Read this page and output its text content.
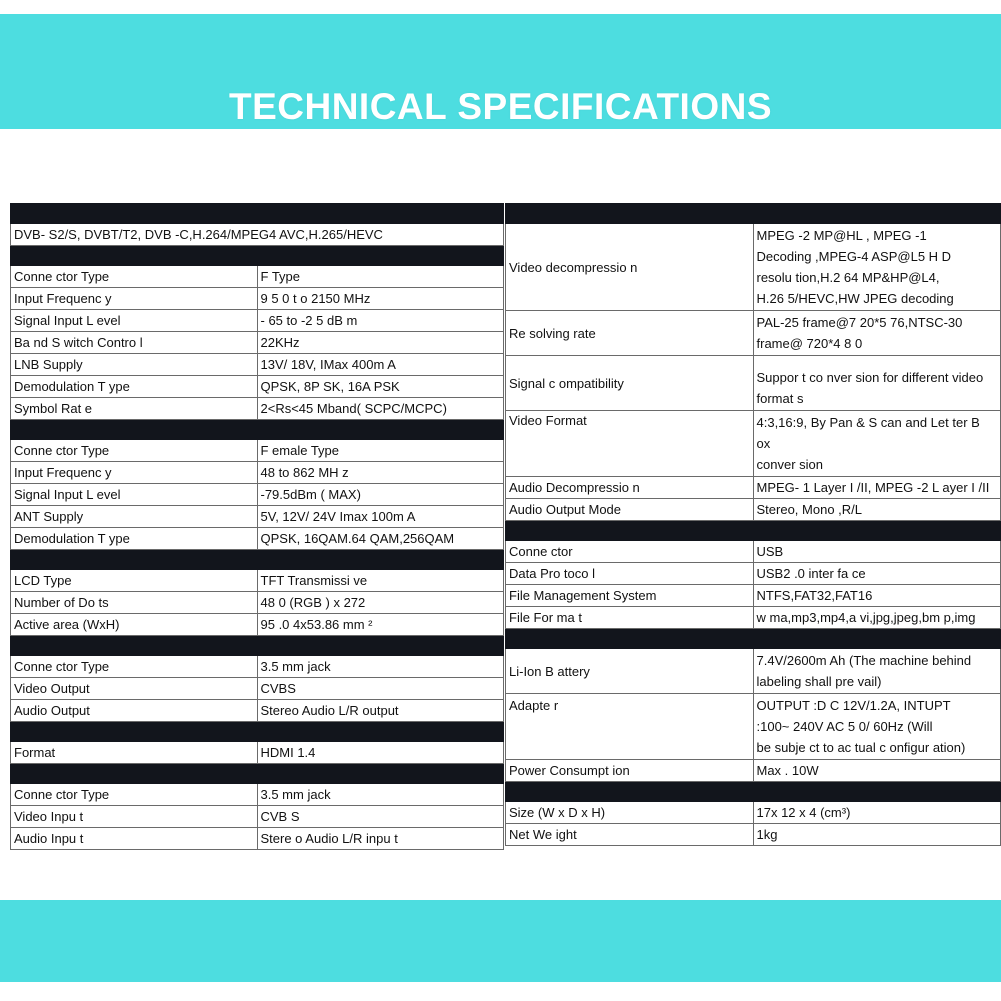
TECHNICAL SPECIFICATIONS

DVB- S2/S, DVBT/T2, DVB -C,H.264/MPEG4 AVC,H.265/HEVC	

Conne ctor Type	F Type
Input Frequenc y	9 5 0 t o 2150 MHz
Signal Input L evel	- 65 to -2 5 dB m
Ba nd S witch Contro l	22KHz
LNB Supply	13V/ 18V, IMax 400m A
Demodulation T ype	QPSK, 8P SK, 16A PSK
Symbol Rat e	2<Rs<45 Mband( SCPC/MCPC)

Conne ctor Type	F emale Type
Input Frequenc y	48 to 862 MH z
Signal Input L evel	-79.5dBm ( MAX)
ANT Supply	5V, 12V/ 24V Imax 100m A
Demodulation T ype	QPSK, 16QAM.64 QAM,256QAM

LCD Type	TFT Transmissi ve
Number of Do ts	48 0 (RGB ) x 272
Active area (WxH)	95 .0 4x53.86 mm ²

Conne ctor Type	3.5 mm jack
Video Output	CVBS
Audio Output	Stereo Audio L/R output

Format	HDMI 1.4

Conne ctor Type	3.5 mm jack
Video Inpu t	CVB S
Audio Inpu t	Stere o Audio L/R inpu t

Video decompressio n	MPEG -2 MP@HL , MPEG -1
Decoding ,MPEG-4 ASP@L5 H D
resolu tion,H.2 64 MP&HP@L4,
H.26 5/HEVC,HW JPEG decoding

Re solving rate	PAL-25 frame@7 20*5 76,NTSC-30
frame@ 720*4 8 0

Signal c ompatibility	Suppor t co nver sion for different video
format s

Video Format	4:3,16:9, By Pan & S can and Let ter B ox
conver sion

Audio Decompressio n	MPEG- 1 Layer I /II, MPEG -2 L ayer I /II
Audio Output Mode	Stereo, Mono ,R/L

Conne ctor	USB
Data Pro toco l	USB2 .0 inter fa ce
File Management System	NTFS,FAT32,FAT16
File For ma t	w ma,mp3,mp4,a vi,jpg,jpeg,bm p,img

Li-Ion B attery	7.4V/2600m Ah (The machine behind
labeling shall pre vail)

Adapte r	OUTPUT :D C 12V/1.2A, INTUPT
:100~ 240V AC 5 0/ 60Hz (Will
be subje ct to ac tual c onfigur ation)

Power Consumpt ion	Max . 10W

Size (W x D x H)	17x 12 x 4 (cm³)
Net We ight	1kg
